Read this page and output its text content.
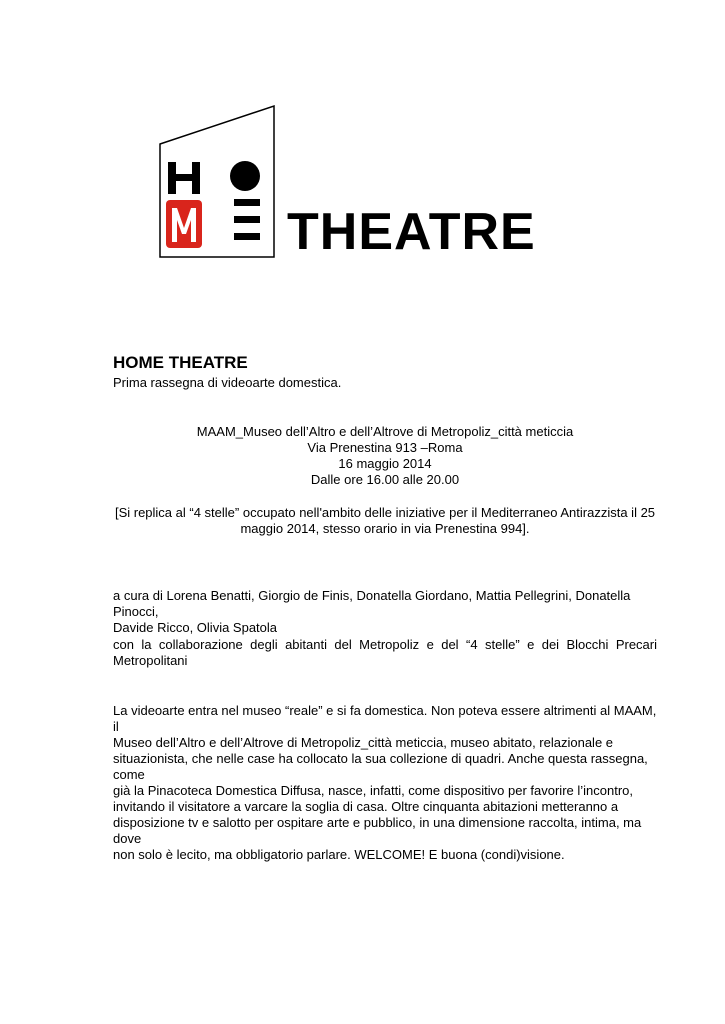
THEATRE
HOME THEATRE
Prima rassegna di videoarte domestica.
MAAM_Museo dell’Altro e dell’Altrove di Metropoliz_città meticcia
Via Prenestina 913 –Roma
16 maggio 2014
Dalle ore 16.00 alle 20.00
[Si replica al “4 stelle” occupato nell'ambito delle iniziative per il Mediterraneo Antirazzista il 25
maggio 2014, stesso orario in via Prenestina 994].
a cura di Lorena Benatti, Giorgio de Finis, Donatella Giordano, Mattia Pellegrini, Donatella Pinocci,
Davide Ricco, Olivia Spatola
con la collaborazione degli abitanti del Metropoliz e del “4 stelle” e dei Blocchi Precari
Metropolitani
La videoarte entra nel museo “reale” e si fa domestica. Non poteva essere altrimenti al MAAM, il
Museo dell’Altro e dell’Altrove di Metropoliz_città meticcia, museo abitato, relazionale e
situazionista, che nelle case ha collocato la sua collezione di quadri. Anche questa rassegna, come
già la Pinacoteca Domestica Diffusa, nasce, infatti, come dispositivo per favorire l’incontro,
invitando il visitatore a varcare la soglia di casa. Oltre cinquanta abitazioni metteranno a
disposizione tv e salotto per ospitare arte e pubblico, in una dimensione raccolta, intima, ma dove
non solo è lecito, ma obbligatorio parlare. WELCOME! E buona (condi)visione.
